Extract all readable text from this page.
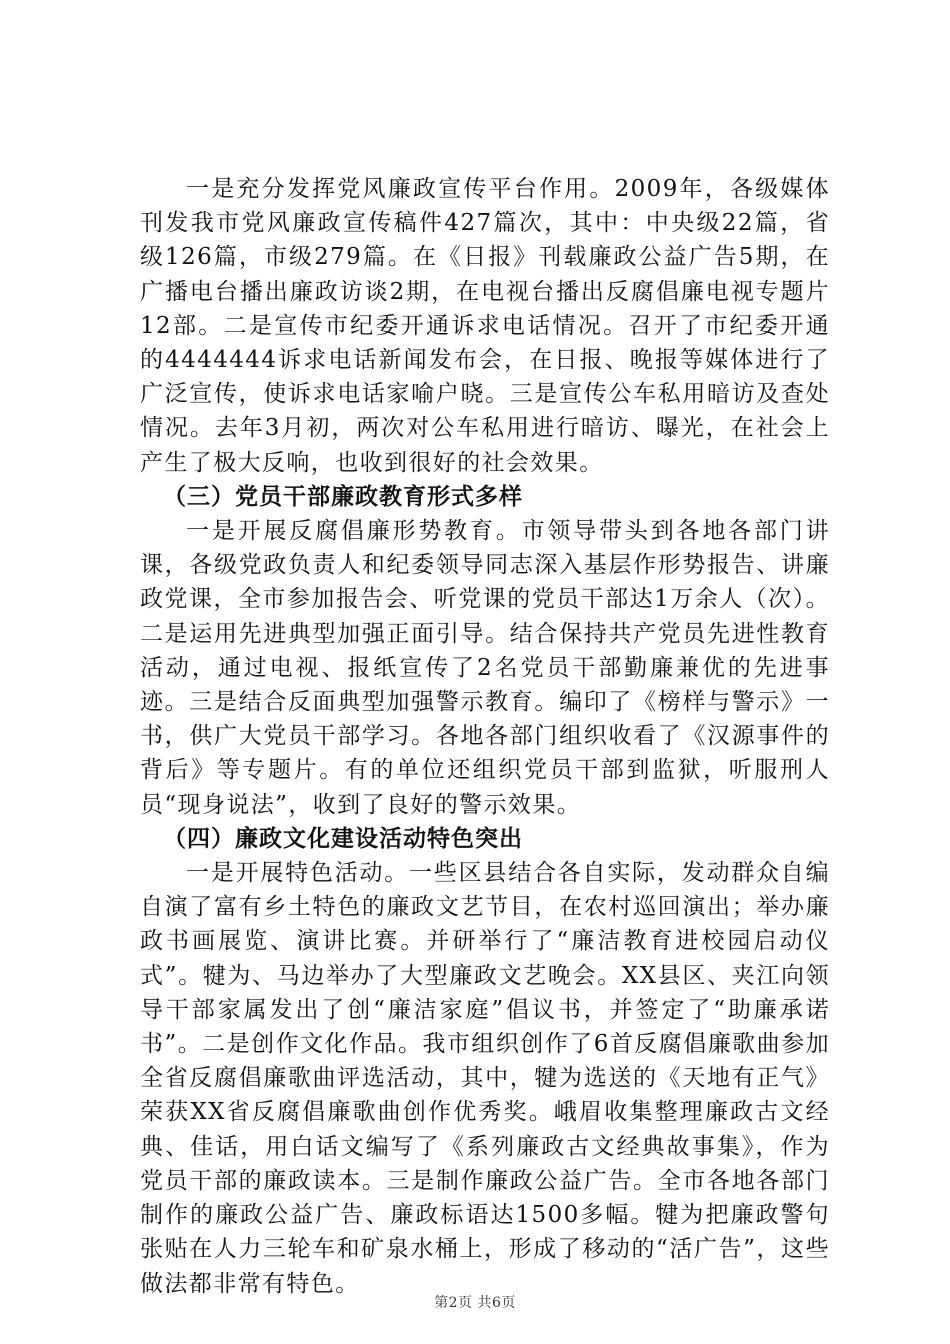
一是充分发挥党风廉政宣传平台作用。2009年，各级媒体刊发我市党风廉政宣传稿件427篇次，其中：中央级22篇，省级126篇，市级279篇。在《日报》刊载廉政公益广告5期，在广播电台播出廉政访谈2期，在电视台播出反腐倡廉电视专题片12部。二是宣传市纪委开通诉求电话情况。召开了市纪委开通的4444444诉求电话新闻发布会，在日报、晚报等媒体进行了广泛宣传，使诉求电话家喻户晓。三是宣传公车私用暗访及查处情况。去年3月初，两次对公车私用进行暗访、曝光，在社会上产生了极大反响，也收到很好的社会效果。

（三）党员干部廉政教育形式多样

一是开展反腐倡廉形势教育。市领导带头到各地各部门讲课，各级党政负责人和纪委领导同志深入基层作形势报告、讲廉政党课，全市参加报告会、听党课的党员干部达1万余人（次）。二是运用先进典型加强正面引导。结合保持共产党员先进性教育活动，通过电视、报纸宣传了2名党员干部勤廉兼优的先进事迹。三是结合反面典型加强警示教育。编印了《榜样与警示》一书，供广大党员干部学习。各地各部门组织收看了《汉源事件的背后》等专题片。有的单位还组织党员干部到监狱，听服刑人员“现身说法”，收到了良好的警示效果。

（四）廉政文化建设活动特色突出

一是开展特色活动。一些区县结合各自实际，发动群众自编自演了富有乡土特色的廉政文艺节目，在农村巡回演出；举办廉政书画展览、演讲比赛。并研举行了“廉洁教育进校园启动仪式”。犍为、马边举办了大型廉政文艺晚会。XX县区、夹江向领导干部家属发出了创“廉洁家庭”倡议书，并签定了“助廉承诺书”。二是创作文化作品。我市组织创作了6首反腐倡廉歌曲参加全省反腐倡廉歌曲评选活动，其中，犍为选送的《天地有正气》荣获XX省反腐倡廉歌曲创作优秀奖。峨眉收集整理廉政古文经典、佳话，用白话文编写了《系列廉政古文经典故事集》，作为党员干部的廉政读本。三是制作廉政公益广告。全市各地各部门制作的廉政公益广告、廉政标语达1500多幅。犍为把廉政警句张贴在人力三轮车和矿泉水桶上，形成了移动的“活广告”，这些做法都非常有特色。

第2页 共6页
